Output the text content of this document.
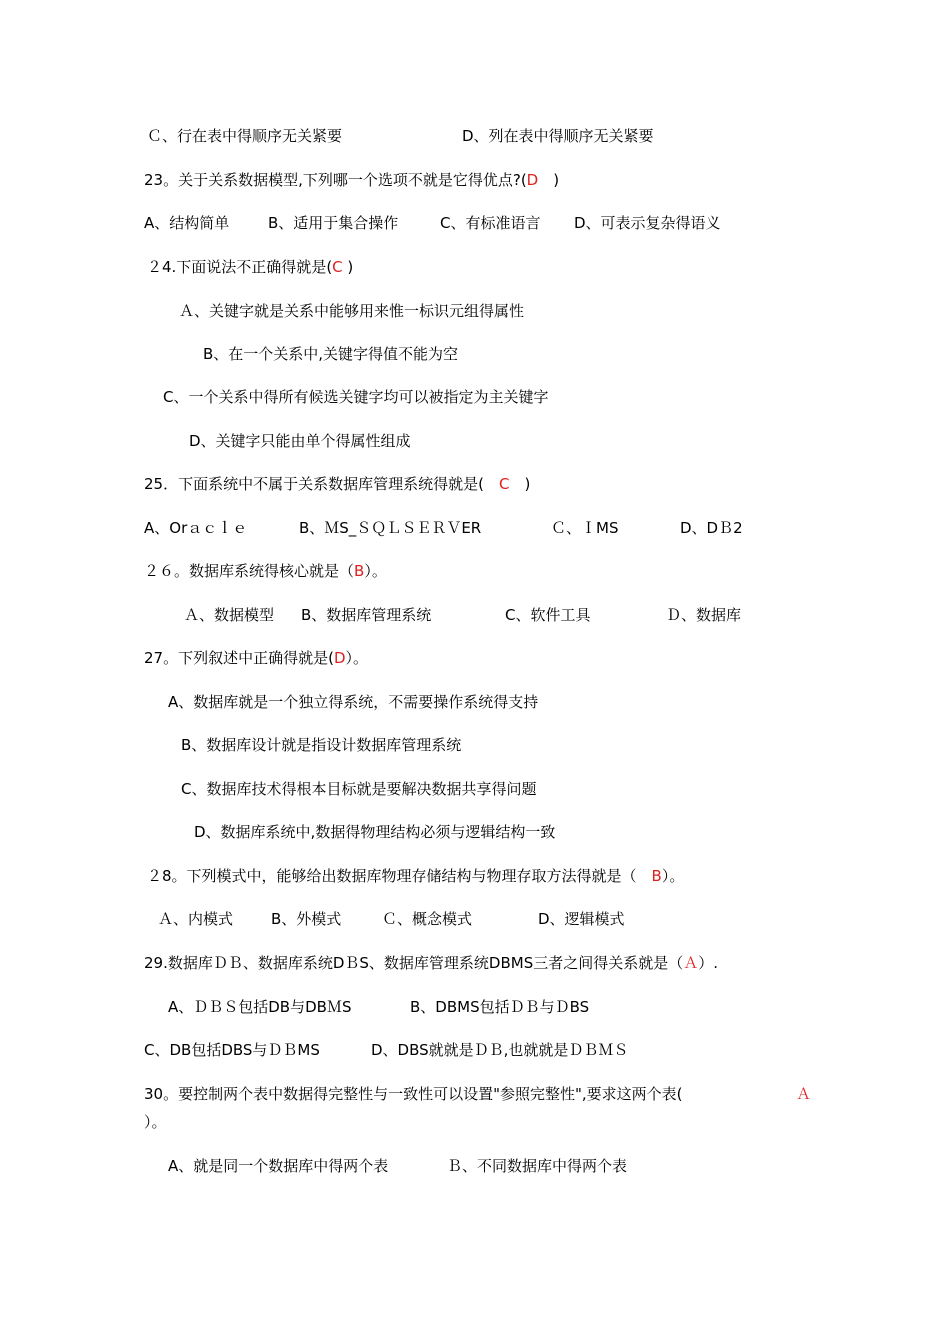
Ｃ、行在表中得顺序无关紧要	D、列在表中得顺序无关紧要
23。关于关系数据模型,下列哪一个选项不就是它得优点?(D　)
A、结构简单	B、适用于集合操作	C、有标准语言 D、可表示复杂得语义
２4.下面说法不正确得就是(C )
Ａ、关键字就是关系中能够用来惟一标识元组得属性
B、在一个关系中,关键字得值不能为空
C、一个关系中得所有候选关键字均可以被指定为主关键字
D、关键字只能由单个得属性组成
25．下面系统中不属于关系数据库管理系统得就是(　C　)
A、Orａｃｌｅ	B、ＭS_ＳＱＬＳＥＲＶER	Ｃ、ＩMS	D、DＢ2
２６。数据库系统得核心就是（B）。
Ａ、数据模型 B、数据库管理系统	C、软件工具	Ｄ、数据库
27。下列叙述中正确得就是(D）。
A、数据库就是一个独立得系统，不需要操作系统得支持
B、数据库设计就是指设计数据库管理系统
C、数据库技术得根本目标就是要解决数据共享得问题
D、数据库系统中,数据得物理结构必须与逻辑结构一致
２8。下列模式中，能够给出数据库物理存储结构与物理存取方法得就是（　B）。
Ａ、内模式	B、外模式	Ｃ、概念模式	D、逻辑模式
29.数据库ＤＢ、数据库系统DＢS、数据库管理系统DBMS三者之间得关系就是（Ａ）.
A、ＤＢＳ包括DB与DBＭS	B、DBMS包括ＤＢ与ＤBS
C、DB包括DBS与ＤＢMS	D、DBS就就是ＤＢ,也就就是ＤＢＭＳ
30。要控制两个表中数据得完整性与一致性可以设置"参照完整性",要求这两个表(	Ａ
）。
A、就是同一个数据库中得两个表	Ｂ、不同数据库中得两个表
